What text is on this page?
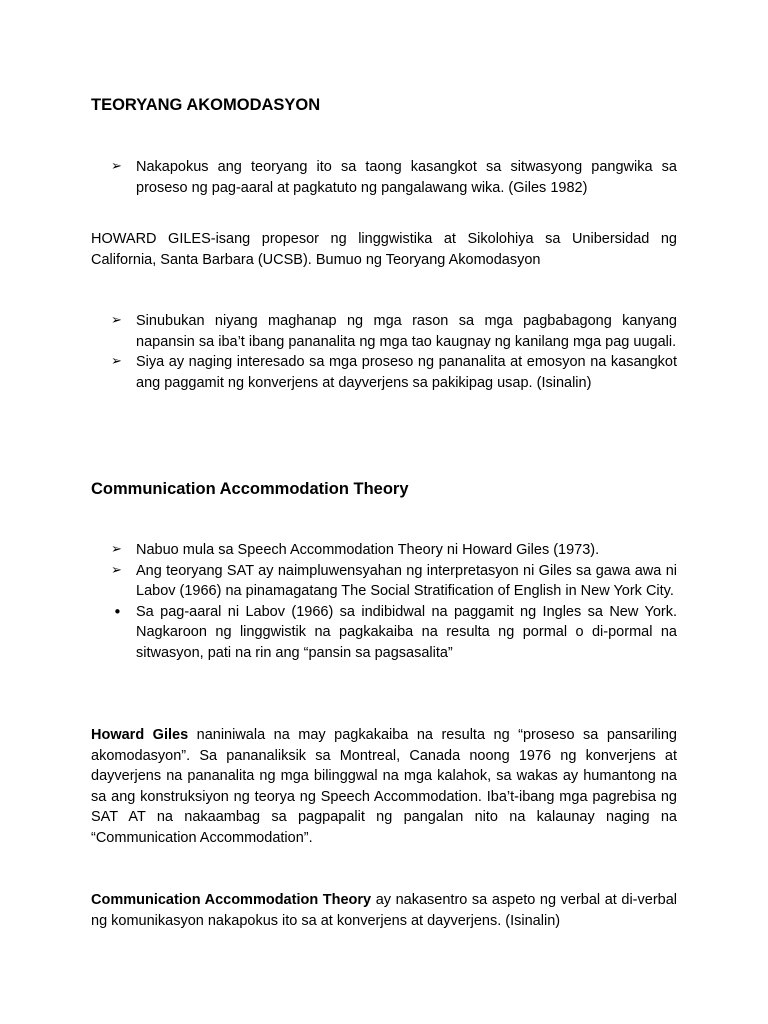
TEORYANG AKOMODASYON
➢ Nakapokus ang teoryang ito sa taong kasangkot sa sitwasyong pangwika sa proseso ng pag-aaral at pagkatuto ng pangalawang wika. (Giles 1982)

HOWARD GILES-isang propesor ng linggwistika at Sikolohiya sa Unibersidad ng California, Santa Barbara (UCSB). Bumuo ng Teoryang Akomodasyon

➢ Sinubukan niyang maghanap ng mga rason sa mga pagbabagong kanyang napansin sa iba’t ibang pananalita ng mga tao kaugnay ng kanilang mga pag uugali.
➢ Siya ay naging interesado sa mga proseso ng pananalita at emosyon na kasangkot ang paggamit ng konverjens at dayverjens sa pakikipag usap. (Isinalin)
Communication Accommodation Theory
➢ Nabuo mula sa Speech Accommodation Theory ni Howard Giles (1973).
➢ Ang teoryang SAT ay naimpluwensyahan ng interpretasyon ni Giles sa gawa awa ni Labov (1966) na pinamagatang The Social Stratification of English in New York City.
• Sa pag-aaral ni Labov (1966) sa indibidwal na paggamit ng Ingles sa New York. Nagkaroon ng linggwistik na pagkakaiba na resulta ng pormal o di-pormal na sitwasyon, pati na rin ang “pansin sa pagsasalita”

Howard Giles naniniwala na may pagkakaiba na resulta ng “proseso sa pansariling akomodasyon”. Sa pananaliksik sa Montreal, Canada noong 1976 ng konverjens at dayverjens na pananalita ng mga bilinggwal na mga kalahok, sa wakas ay humantong na sa ang konstruksiyon ng teorya ng Speech Accommodation. Iba’t-ibang mga pagrebisa ng SAT AT na nakaambag sa pagpapalit ng pangalan nito na kalaunay naging na “Communication Accommodation”.

Communication Accommodation Theory ay nakasentro sa aspeto ng verbal at di-verbal ng komunikasyon nakapokus ito sa at konverjens at dayverjens. (Isinalin)
